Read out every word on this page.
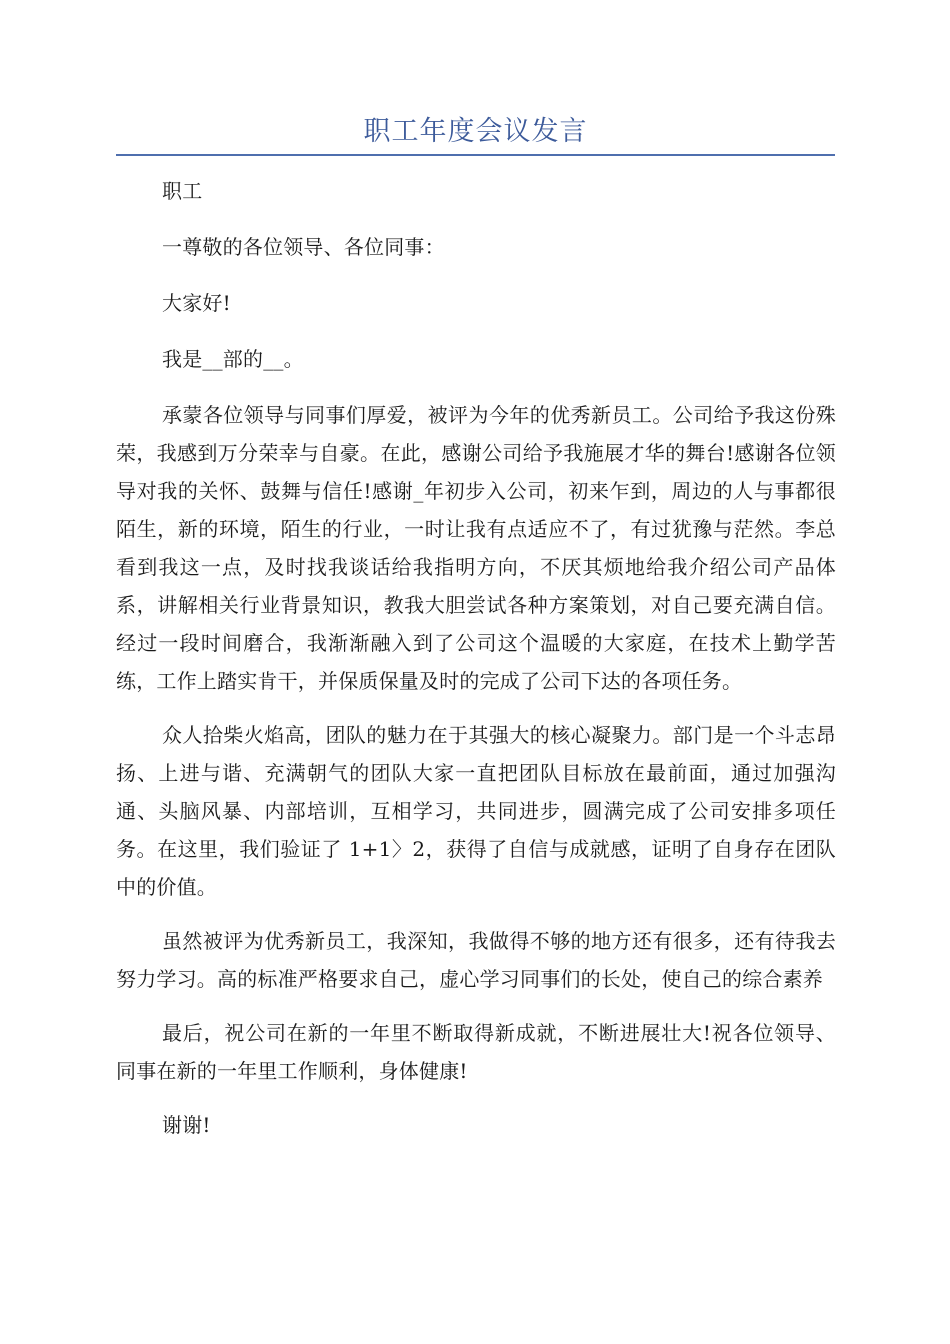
职工年度会议发言

职工

一尊敬的各位领导、各位同事：

大家好!

我是__部的__。

承蒙各位领导与同事们厚爱，被评为今年的优秀新员工。公司给予我这份殊荣，我感到万分荣幸与自豪。在此，感谢公司给予我施展才华的舞台!感谢各位领导对我的关怀、鼓舞与信任!感谢_年初步入公司，初来乍到，周边的人与事都很陌生，新的环境，陌生的行业，一时让我有点适应不了，有过犹豫与茫然。李总看到我这一点，及时找我谈话给我指明方向，不厌其烦地给我介绍公司产品体系，讲解相关行业背景知识，教我大胆尝试各种方案策划，对自己要充满自信。经过一段时间磨合，我渐渐融入到了公司这个温暖的大家庭，在技术上勤学苦练，工作上踏实肯干，并保质保量及时的完成了公司下达的各项任务。

众人拾柴火焰高，团队的魅力在于其强大的核心凝聚力。部门是一个斗志昂扬、上进与谐、充满朝气的团队大家一直把团队目标放在最前面，通过加强沟通、头脑风暴、内部培训，互相学习，共同进步，圆满完成了公司安排多项任务。在这里，我们验证了 1+1〉2，获得了自信与成就感，证明了自身存在团队中的价值。

虽然被评为优秀新员工，我深知，我做得不够的地方还有很多，还有待我去努力学习。高的标准严格要求自己，虚心学习同事们的长处，使自己的综合素养

最后，祝公司在新的一年里不断取得新成就，不断进展壮大!祝各位领导、同事在新的一年里工作顺利，身体健康!

谢谢!
